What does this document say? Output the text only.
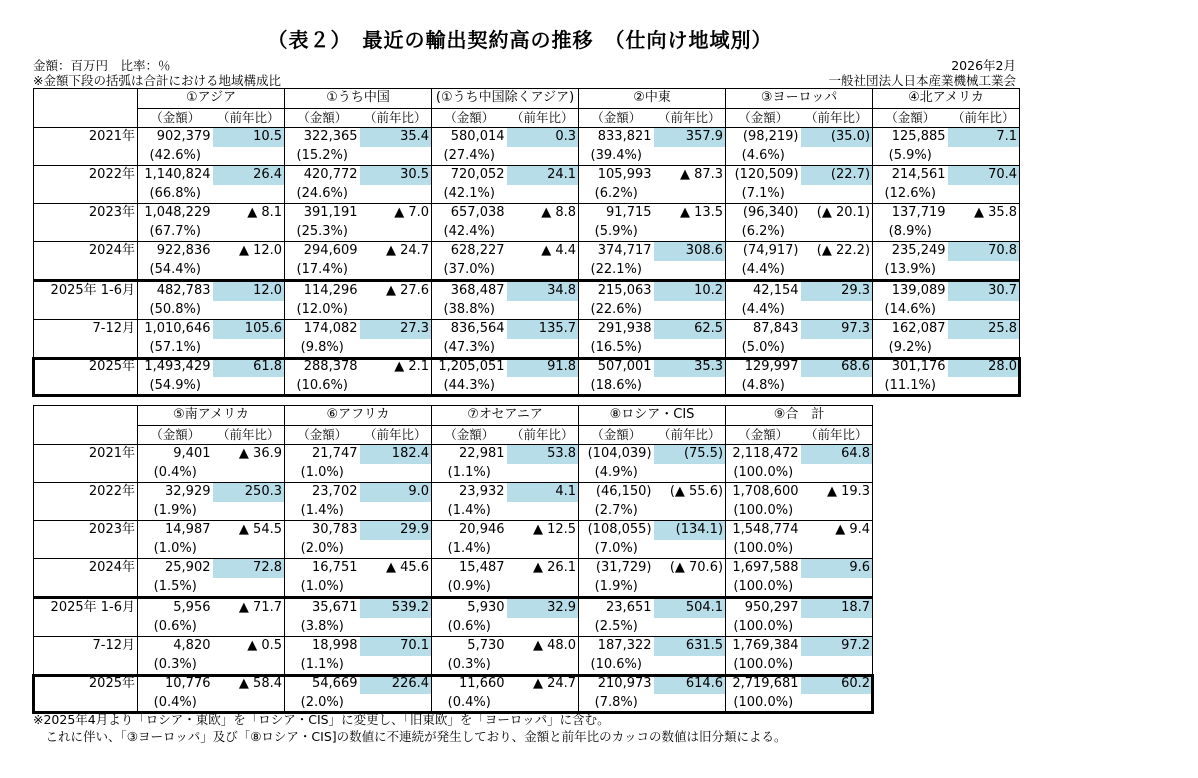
（表２）　最近の輸出契約高の推移　（仕向け地域別）
金額：百万円　比率：％
※金額下段の括弧は合計における地域構成比
2026年2月
一般社団法人日本産業機械工業会
	①アジア		①うち中国		(①うち中国除くアジア)		②中東		③ヨーロッパ		④北アメリカ	
	（金額）	（前年比）	（金額）	（前年比）	（金額）	（前年比）	（金額）	（前年比）	（金額）	（前年比）	（金額）	（前年比）
2021年	902,379	10.5	322,365	35.4	580,014	0.3	833,821	357.9	(98,219)	(35.0)	125,885	7.1
	(42.6%)		(15.2%)		(27.4%)		(39.4%)		(4.6%)		(5.9%)	
2022年	1,140,824	26.4	420,772	30.5	720,052	24.1	105,993	▲ 87.3	(120,509)	(22.7)	214,561	70.4
	(66.8%)		(24.6%)		(42.1%)		(6.2%)		(7.1%)		(12.6%)	
2023年	1,048,229	▲ 8.1	391,191	▲ 7.0	657,038	▲ 8.8	91,715	▲ 13.5	(96,340)	(▲ 20.1)	137,719	▲ 35.8
	(67.7%)		(25.3%)		(42.4%)		(5.9%)		(6.2%)		(8.9%)	
2024年	922,836	▲ 12.0	294,609	▲ 24.7	628,227	▲ 4.4	374,717	308.6	(74,917)	(▲ 22.2)	235,249	70.8
	(54.4%)		(17.4%)		(37.0%)		(22.1%)		(4.4%)		(13.9%)	
2025年 1-6月	482,783	12.0	114,296	▲ 27.6	368,487	34.8	215,063	10.2	42,154	29.3	139,089	30.7
	(50.8%)		(12.0%)		(38.8%)		(22.6%)		(4.4%)		(14.6%)	
7-12月	1,010,646	105.6	174,082	27.3	836,564	135.7	291,938	62.5	87,843	97.3	162,087	25.8
	(57.1%)		(9.8%)		(47.3%)		(16.5%)		(5.0%)		(9.2%)	
2025年	1,493,429	61.8	288,378	▲ 2.1	1,205,051	91.8	507,001	35.3	129,997	68.6	301,176	28.0
	(54.9%)		(10.6%)		(44.3%)		(18.6%)		(4.8%)		(11.1%)	
	⑤南アメリカ		⑥アフリカ		⑦オセアニア		⑧ロシア・CIS		⑨合　計	
	（金額）	（前年比）	（金額）	（前年比）	（金額）	（前年比）	（金額）	（前年比）	（金額）	（前年比）
2021年	9,401	▲ 36.9	21,747	182.4	22,981	53.8	(104,039)	(75.5)	2,118,472	64.8
	(0.4%)		(1.0%)		(1.1%)		(4.9%)		(100.0%)	
2022年	32,929	250.3	23,702	9.0	23,932	4.1	(46,150)	(▲ 55.6)	1,708,600	▲ 19.3
	(1.9%)		(1.4%)		(1.4%)		(2.7%)		(100.0%)	
2023年	14,987	▲ 54.5	30,783	29.9	20,946	▲ 12.5	(108,055)	(134.1)	1,548,774	▲ 9.4
	(1.0%)		(2.0%)		(1.4%)		(7.0%)		(100.0%)	
2024年	25,902	72.8	16,751	▲ 45.6	15,487	▲ 26.1	(31,729)	(▲ 70.6)	1,697,588	9.6
	(1.5%)		(1.0%)		(0.9%)		(1.9%)		(100.0%)	
2025年 1-6月	5,956	▲ 71.7	35,671	539.2	5,930	32.9	23,651	504.1	950,297	18.7
	(0.6%)		(3.8%)		(0.6%)		(2.5%)		(100.0%)	
7-12月	4,820	▲ 0.5	18,998	70.1	5,730	▲ 48.0	187,322	631.5	1,769,384	97.2
	(0.3%)		(1.1%)		(0.3%)		(10.6%)		(100.0%)	
2025年	10,776	▲ 58.4	54,669	226.4	11,660	▲ 24.7	210,973	614.6	2,719,681	60.2
	(0.4%)		(2.0%)		(0.4%)		(7.8%)		(100.0%)	
※2025年4月より「ロシア・東欧」を「ロシア・CIS」に変更し、「旧東欧」を「ヨーロッパ」に含む。
　これに伴い、「③ヨーロッパ」及び「⑧ロシア・CIS]の数値に不連続が発生しており、金額と前年比のカッコの数値は旧分類による。
